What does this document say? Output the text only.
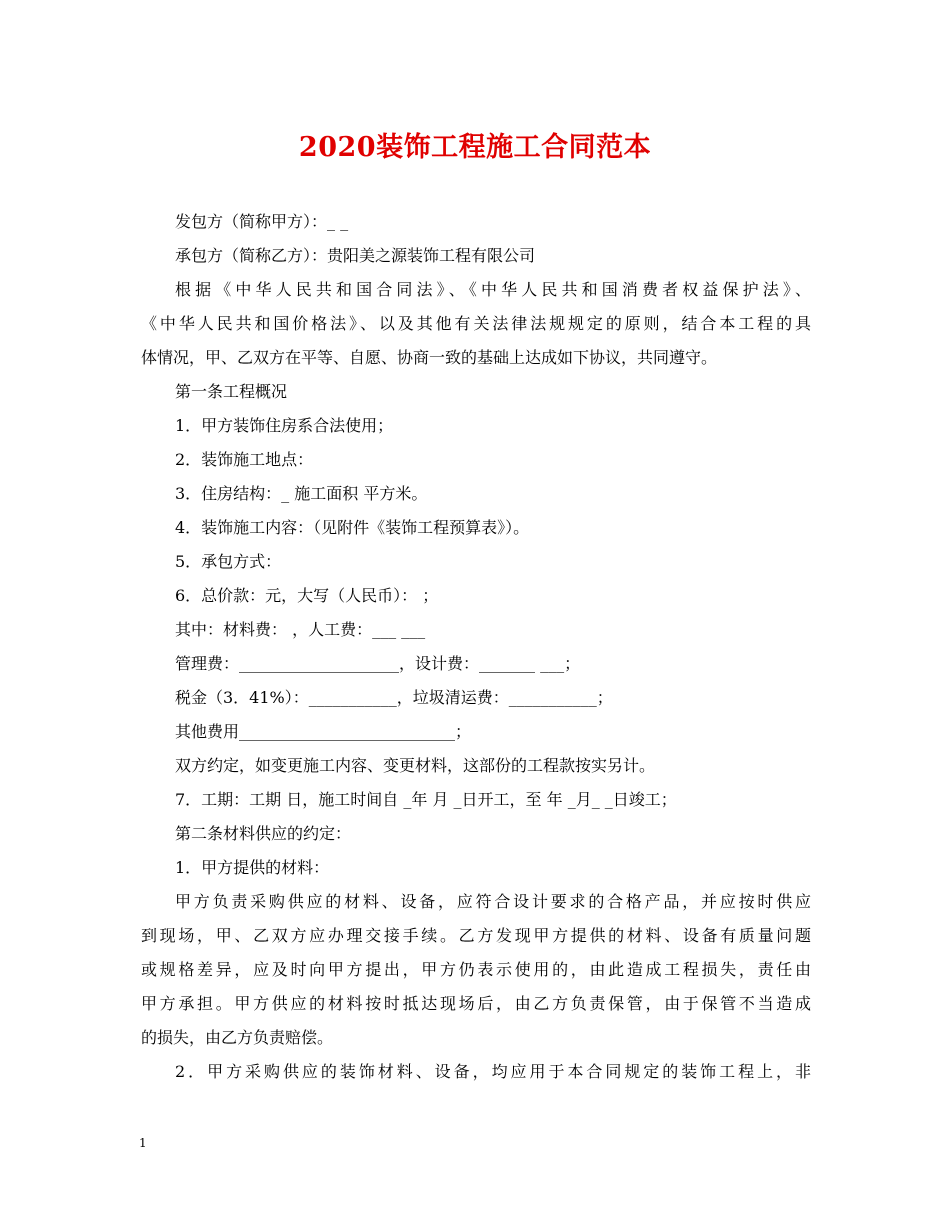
2020装饰工程施工合同范本
发包方（简称甲方）：_ _
承包方（简称乙方）：贵阳美之源装饰工程有限公司
根据《中华人民共和国合同法》、《中华人民共和国消费者权益保护法》、
《中华人民共和国价格法》、以及其他有关法律法规规定的原则，结合本工程的具
体情况，甲、乙双方在平等、自愿、协商一致的基础上达成如下协议，共同遵守。
第一条工程概况
1．甲方装饰住房系合法使用；
2．装饰施工地点：
3．住房结构：_ 施工面积 平方米。
4．装饰施工内容：（见附件《装饰工程预算表》）。
5．承包方式：
6．总价款：元，大写（人民币）： ；
其中：材料费： ，人工费：___ ___
管理费：____________________，设计费：_______ ___；
税金（3．41%）：___________，垃圾清运费：___________；
其他费用___________________________；
双方约定，如变更施工内容、变更材料，这部份的工程款按实另计。
7．工期：工期 日，施工时间自 _年 月 _日开工，至 年 _月_ _日竣工；
第二条材料供应的约定：
1．甲方提供的材料：
甲方负责采购供应的材料、设备，应符合设计要求的合格产品，并应按时供应
到现场，甲、乙双方应办理交接手续。乙方发现甲方提供的材料、设备有质量问题
或规格差异，应及时向甲方提出，甲方仍表示使用的，由此造成工程损失，责任由
甲方承担。甲方供应的材料按时抵达现场后，由乙方负责保管，由于保管不当造成
的损失，由乙方负责赔偿。
2．甲方采购供应的装饰材料、设备，均应用于本合同规定的装饰工程上，非
1
